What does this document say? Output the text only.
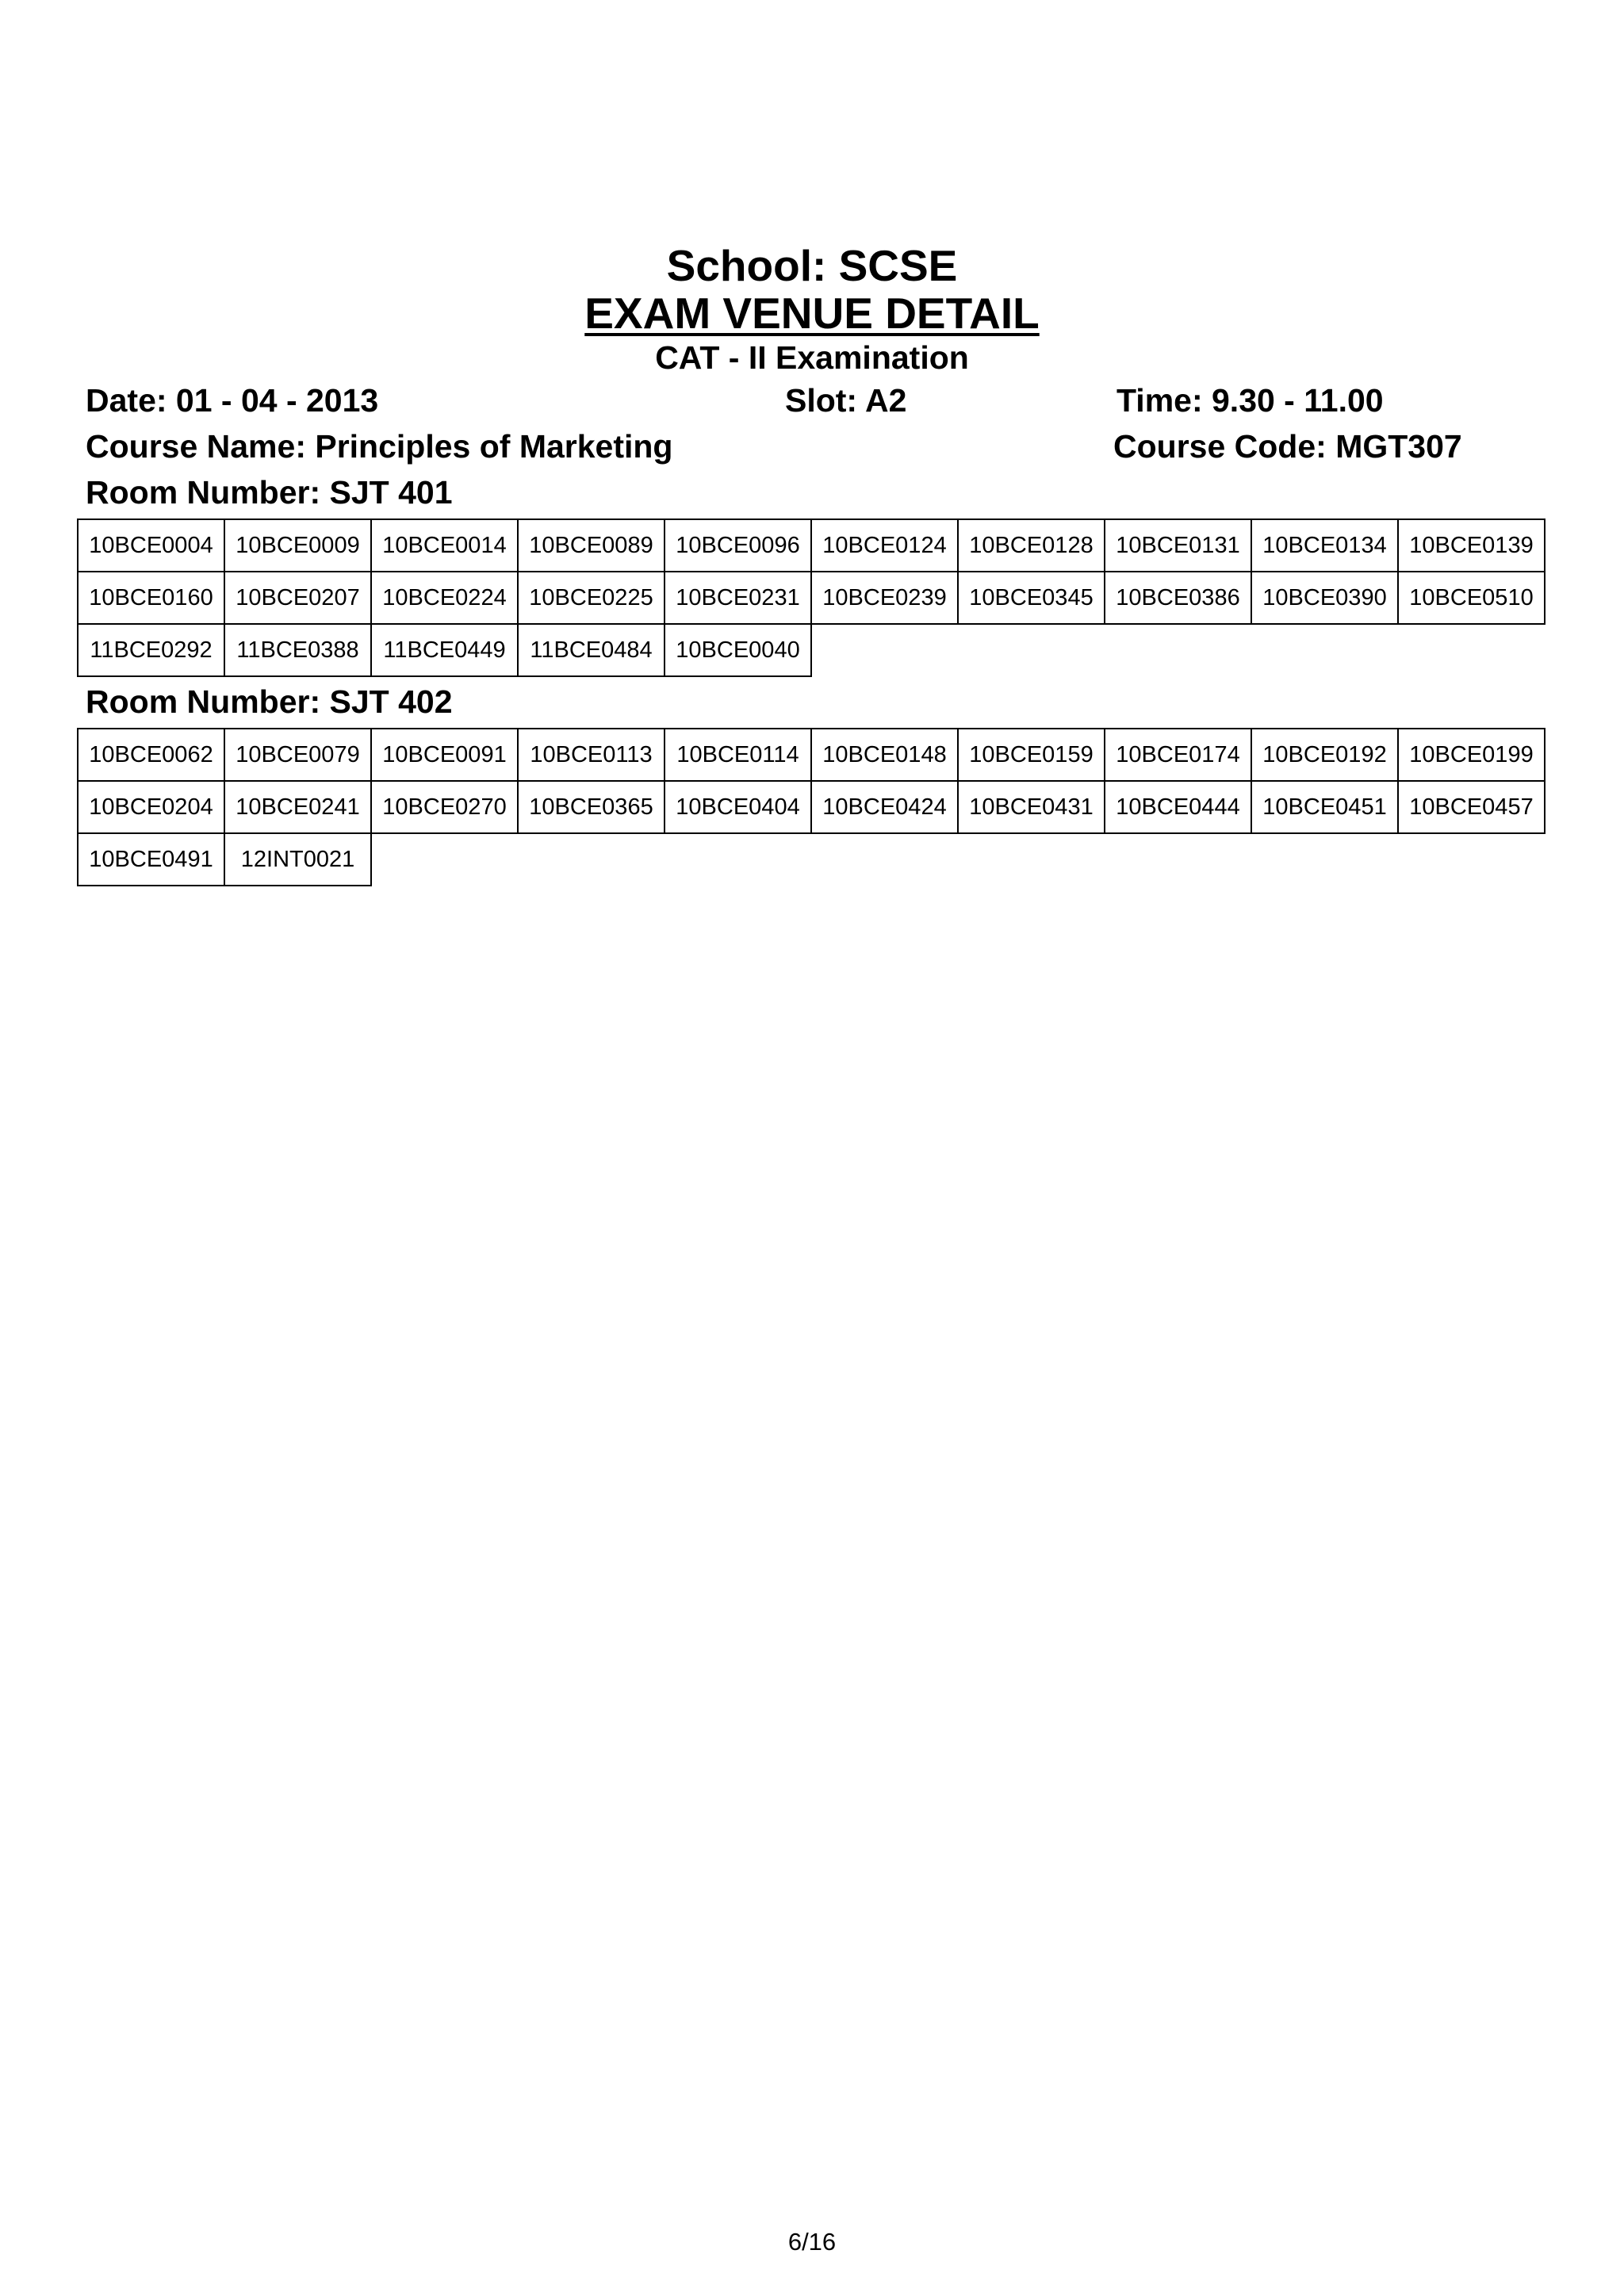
School: SCSE
EXAM VENUE DETAIL
CAT - II Examination
Date: 01 - 04 - 2013	Slot: A2	Time: 9.30 - 11.00
Course Name: Principles of Marketing	Course Code: MGT307
Room Number: SJT 401
10BCE0004	10BCE0009	10BCE0014	10BCE0089	10BCE0096	10BCE0124	10BCE0128	10BCE0131	10BCE0134	10BCE0139
10BCE0160	10BCE0207	10BCE0224	10BCE0225	10BCE0231	10BCE0239	10BCE0345	10BCE0386	10BCE0390	10BCE0510
11BCE0292	11BCE0388	11BCE0449	11BCE0484	10BCE0040					
Room Number: SJT 402
10BCE0062	10BCE0079	10BCE0091	10BCE0113	10BCE0114	10BCE0148	10BCE0159	10BCE0174	10BCE0192	10BCE0199
10BCE0204	10BCE0241	10BCE0270	10BCE0365	10BCE0404	10BCE0424	10BCE0431	10BCE0444	10BCE0451	10BCE0457
10BCE0491	12INT0021								
6/16
